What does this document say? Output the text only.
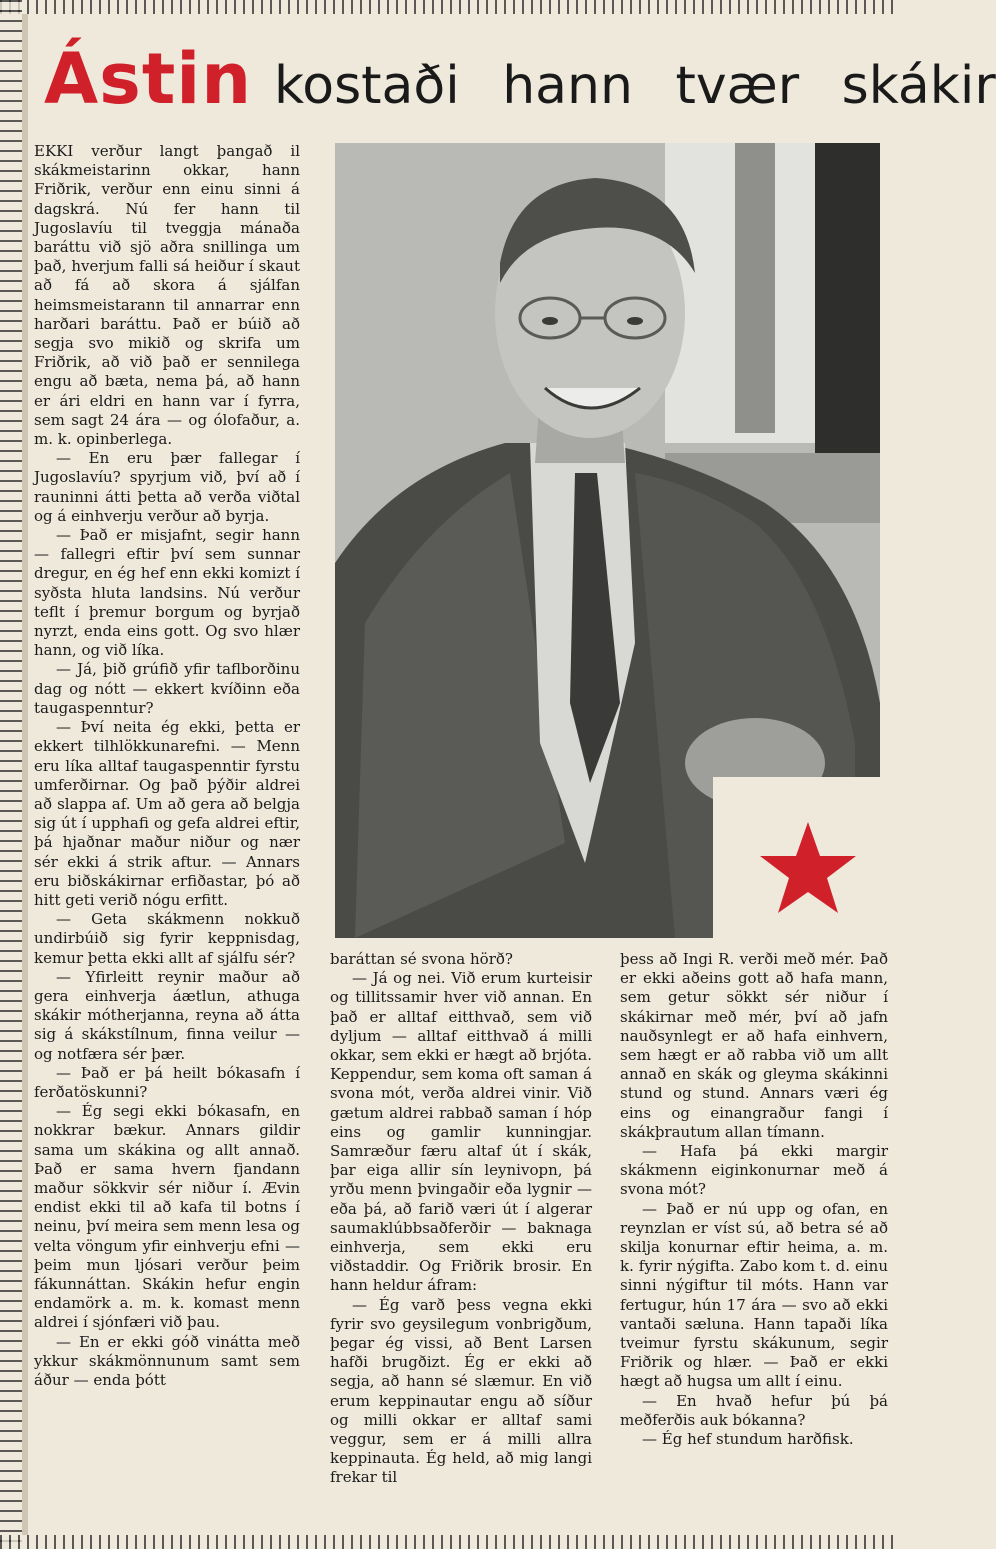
Ástin kostaði hann tvær skákir

EKKI verður langt þangað il skákmeistarinn okkar, hann Friðrik, verður enn einu sinni á dagskrá. Nú fer hann til Jugoslavíu til tveggja mánaða baráttu við sjö aðra snillinga um það, hverjum falli sá heiður í skaut að fá að skora á sjálfan heimsmeistarann til annarrar enn harðari baráttu. Það er búið að segja svo mikið og skrifa um Friðrik, að við það er sennilega engu að bæta, nema þá, að hann er ári eldri en hann var í fyrra, sem sagt 24 ára — og ólofaður, a. m. k. opinberlega.

— En eru þær fallegar í Jugoslavíu? spyrjum við, því að í rauninni átti þetta að verða viðtal og á einhverju verður að byrja.

— Það er misjafnt, segir hann — fallegri eftir því sem sunnar dregur, en ég hef enn ekki komizt í syðsta hluta landsins. Nú verður teflt í þremur borgum og byrjað nyrzt, enda eins gott. Og svo hlær hann, og við líka.

— Já, þið grúfið yfir taflborðinu dag og nótt — ekkert kvíðinn eða taugaspenntur?

— Því neita ég ekki, þetta er ekkert tilhlökkunarefni. — Menn eru líka alltaf taugaspenntir fyrstu umferðirnar. Og það þýðir aldrei að slappa af. Um að gera að belgja sig út í upphafi og gefa aldrei eftir, þá hjaðnar maður niður og nær sér ekki á strik aftur. — Annars eru biðskákirnar erfiðastar, þó að hitt geti verið nógu erfitt.

— Geta skákmenn nokkuð undirbúið sig fyrir keppnisdag, kemur þetta ekki allt af sjálfu sér?

— Yfirleitt reynir maður að gera einhverja áætlun, athuga skákir mótherjanna, reyna að átta sig á skákstílnum, finna veilur — og notfæra sér þær.

— Það er þá heilt bókasafn í ferðatöskunni?

— Ég segi ekki bókasafn, en nokkrar bækur. Annars gildir sama um skákina og allt annað. Það er sama hvern fjandann maður sökkvir sér niður í. Ævin endist ekki til að kafa til botns í neinu, því meira sem menn lesa og velta vöngum yfir einhverju efni — þeim mun ljósari verður þeim fákunnáttan. Skákin hefur engin endamörk a. m. k. komast menn aldrei í sjónfæri við þau.

— En er ekki góð vinátta með ykkur skákmönnunum samt sem áður — enda þótt

baráttan sé svona hörð?

— Já og nei. Við erum kurteisir og tillitssamir hver við annan. En það er alltaf eitthvað, sem við dyljum — alltaf eitthvað á milli okkar, sem ekki er hægt að brjóta. Keppendur, sem koma oft saman á svona mót, verða aldrei vinir. Við gætum aldrei rabbað saman í hóp eins og gamlir kunningjar. Samræður færu altaf út í skák, þar eiga allir sín leynivopn, þá yrðu menn þvingaðir eða lygnir — eða þá, að farið væri út í algerar saumaklúbbsaðferðir — baknaga einhverja, sem ekki eru viðstaddir. Og Friðrik brosir. En hann heldur áfram:

— Ég varð þess vegna ekki fyrir svo geysilegum vonbrigðum, þegar ég vissi, að Bent Larsen hafði brugðizt. Ég er ekki að segja, að hann sé slæmur. En við erum keppinautar engu að síður og milli okkar er alltaf sami veggur, sem er á milli allra keppinauta. Ég held, að mig langi frekar til

þess að Ingi R. verði með mér. Það er ekki aðeins gott að hafa mann, sem getur sökkt sér niður í skákirnar með mér, því að jafn nauðsynlegt er að hafa einhvern, sem hægt er að rabba við um allt annað en skák og gleyma skákinni stund og stund. Annars væri ég eins og einangraður fangi í skákþrautum allan tímann.

— Hafa þá ekki margir skákmenn eiginkonurnar með á svona mót?

— Það er nú upp og ofan, en reynzlan er víst sú, að betra sé að skilja konurnar eftir heima, a. m. k. fyrir nýgifta. Zabo kom t. d. einu sinni nýgiftur til móts. Hann var fertugur, hún 17 ára — svo að ekki vantaði sæluna. Hann tapaði líka tveimur fyrstu skákunum, segir Friðrik og hlær. — Það er ekki hægt að hugsa um allt í einu.

— En hvað hefur þú þá meðferðis auk bókanna?

— Ég hef stundum harðfisk.
